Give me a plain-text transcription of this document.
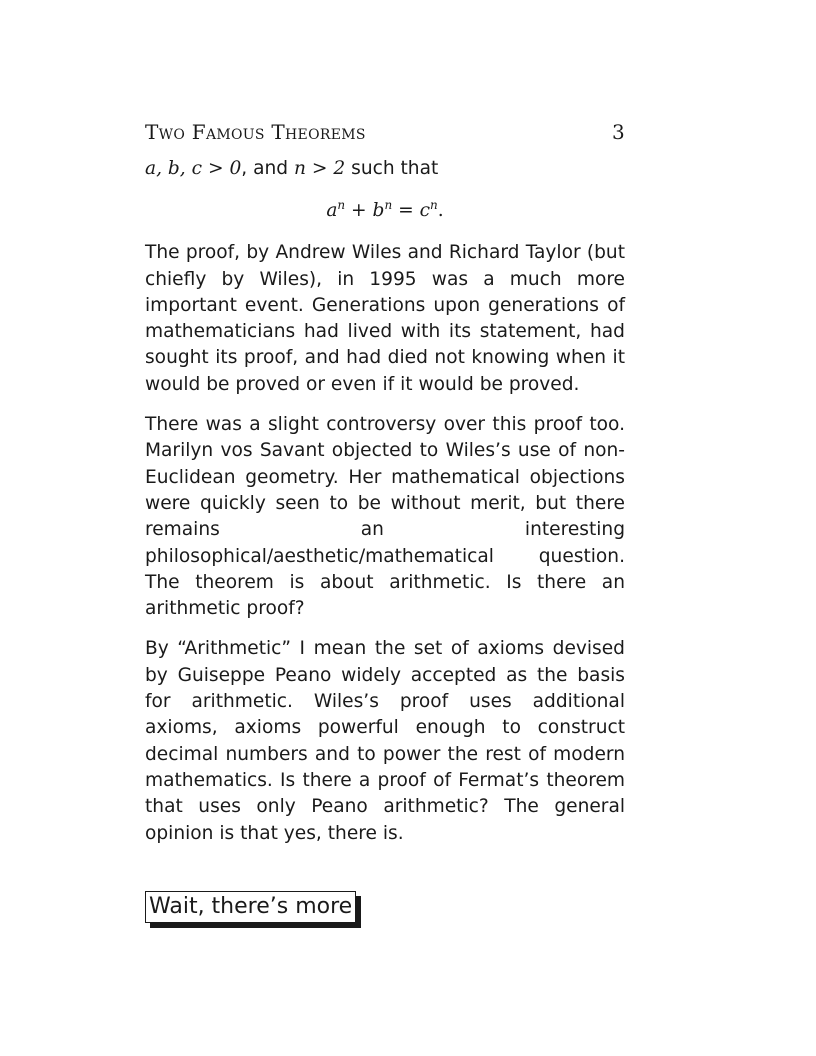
Two Famous Theorems	3

a, b, c > 0, and n > 2 such that

$a^n + b^n = c^n$.

The proof, by Andrew Wiles and Richard Taylor (but chiefly by Wiles), in 1995 was a much more important event. Generations upon generations of mathematicians had lived with its statement, had sought its proof, and had died not knowing when it would be proved or even if it would be proved.

There was a slight controversy over this proof too. Marilyn vos Savant objected to Wiles’s use of non-Euclidean geometry. Her mathematical objections were quickly seen to be without merit, but there remains an interesting philosophical/aesthetic/mathematical question. The theorem is about arithmetic. Is there an arithmetic proof?

By “Arithmetic” I mean the set of axioms devised by Guiseppe Peano widely accepted as the basis for arithmetic. Wiles’s proof uses additional axioms, axioms powerful enough to construct decimal numbers and to power the rest of modern mathematics. Is there a proof of Fermat’s theorem that uses only Peano arithmetic? The general opinion is that yes, there is.

Wait, there’s more
